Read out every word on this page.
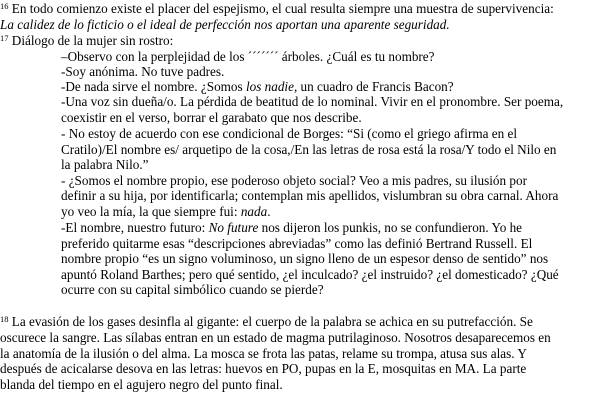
$^{16}$ En todo comienzo existe el placer del espejismo, el cual resulta siempre una muestra de supervivencia:
La calidez de lo ficticio o el ideal de perfección nos aportan una aparente seguridad.
$^{17}$ Diálogo de la mujer sin rostro:
–Observo con la perplejidad de los ´´´´´´´ árboles. ¿Cuál es tu nombre?
-Soy anónima. No tuve padres.
-De nada sirve el nombre. ¿Somos los nadie, un cuadro de Francis Bacon?
-Una voz sin dueña/o. La pérdida de beatitud de lo nominal. Vivir en el pronombre. Ser poema,
coexistir en el verso, borrar el garabato que nos describe.
- No estoy de acuerdo con ese condicional de Borges: “Si (como el griego afirma en el
Cratilo)/El nombre es/ arquetipo de la cosa,/En las letras de rosa está la rosa/Y todo el Nilo en
la palabra Nilo.”
- ¿Somos el nombre propio, ese poderoso objeto social? Veo a mis padres, su ilusión por
definir a su hija, por identificarla; contemplan mis apellidos, vislumbran su obra carnal. Ahora
yo veo la mía, la que siempre fui: nada.
-El nombre, nuestro futuro: No future nos dijeron los punkis, no se confundieron. Yo he
preferido quitarme esas “descripciones abreviadas” como las definió Bertrand Russell. El
nombre propio “es un signo voluminoso, un signo lleno de un espesor denso de sentido” nos
apuntó Roland Barthes; pero qué sentido, ¿el inculcado? ¿el instruido? ¿el domesticado? ¿Qué
ocurre con su capital simbólico cuando se pierde?
$^{18}$ La evasión de los gases desinfla al gigante: el cuerpo de la palabra se achica en su putrefacción. Se
oscurece la sangre. Las sílabas entran en un estado de magma putrilaginoso. Nosotros desaparecemos en
la anatomía de la ilusión o del alma. La mosca se frota las patas, relame su trompa, atusa sus alas. Y
después de acicalarse desova en las letras: huevos en PO, pupas en la E, mosquitas en MA. La parte
blanda del tiempo en el agujero negro del punto final.
